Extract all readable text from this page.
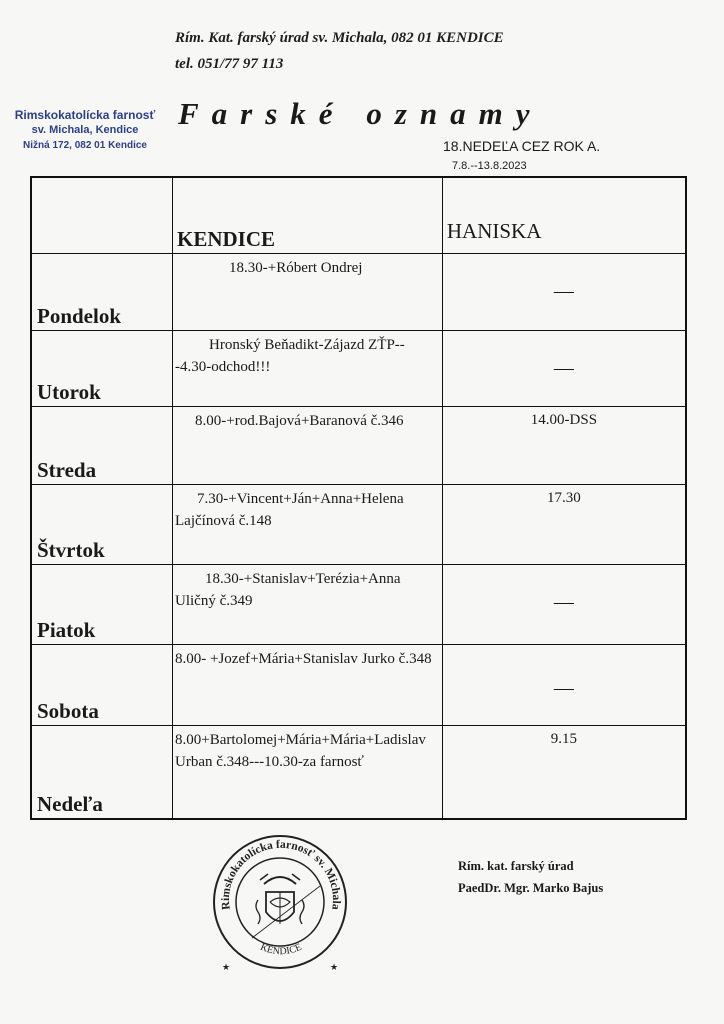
Rím. Kat. farský úrad sv. Michala, 082 01 KENDICE
tel. 051/77 97 113
Rimskokatolícka farnosť
sv. Michala, Kendice
Nižná 172, 082 01 Kendice
Farské oznamy
18.NEDEĽA CEZ ROK A.
7.8.--13.8.2023

	KENDICE	HANISKA

Pondelok	18.30-+Róbert Ondrej	—

Utorok	Hronský Beňadikt-Zájazd ZŤP---4.30-odchod!!!	—

Streda	8.00-+rod.Bajová+Baranová č.346	14.00-DSS

Štvrtok	7.30-+Vincent+Ján+Anna+Helena Lajčínová č.148	17.30

Piatok	18.30-+Stanislav+Terézia+Anna Uličný č.349	—

Sobota	8.00- +Jozef+Mária+Stanislav Jurko č.348	—

Nedeľa	8.00+Bartolomej+Mária+Mária+Ladislav Urban č.348---10.30-za farnosť	9.15
Rimskokatolícka farnosť sv. Michala
KENDICE
★	★
Rím. kat. farský úrad
PaedDr. Mgr. Marko Bajus
